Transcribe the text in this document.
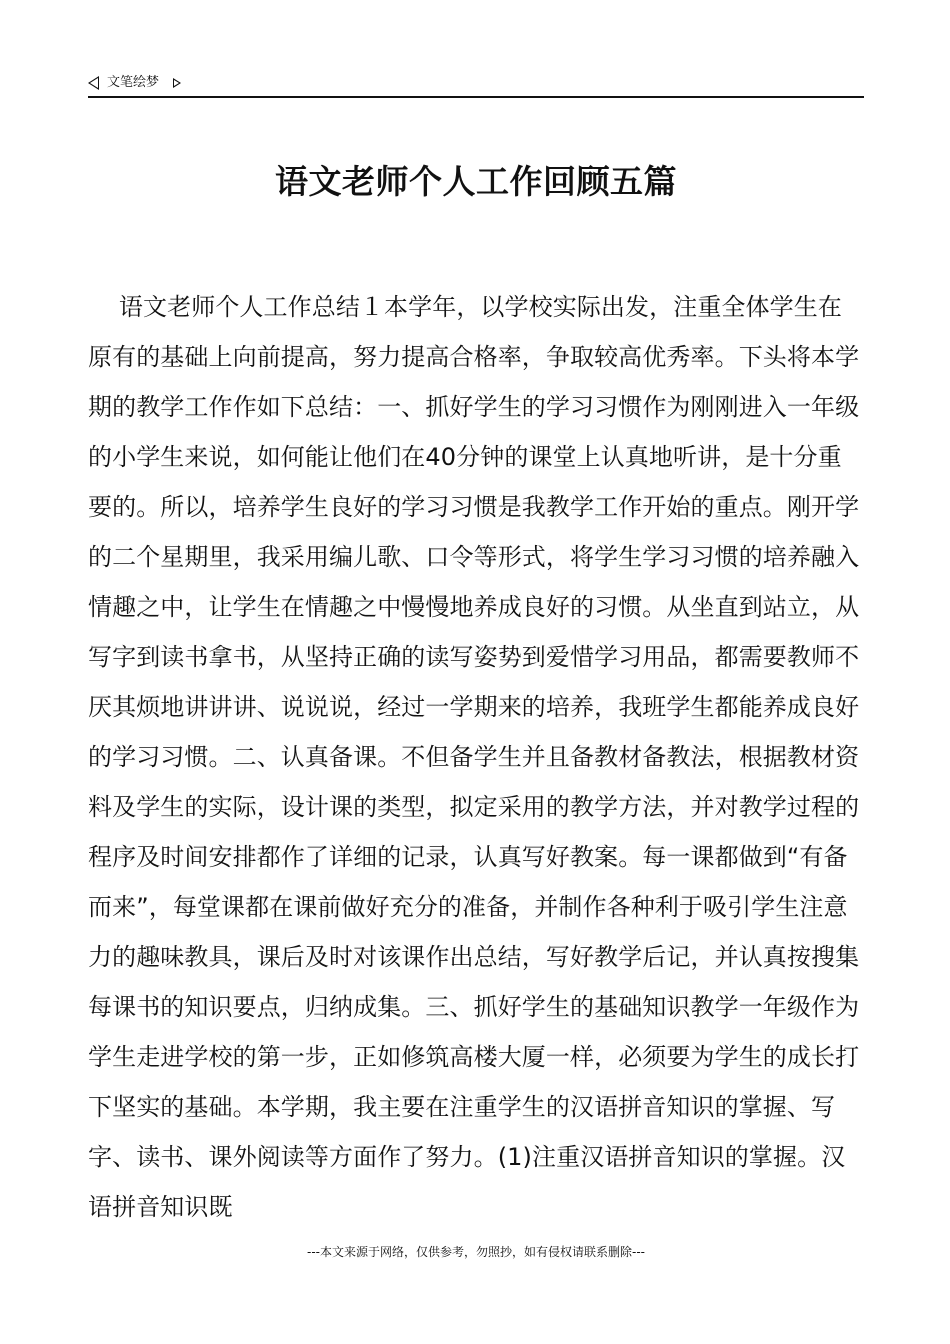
文笔绘梦
语文老师个人工作回顾五篇
语文老师个人工作总结１本学年，以学校实际出发，注重全体学生在原有的基础上向前提高，努力提高合格率，争取较高优秀率。下头将本学期的教学工作作如下总结：一、抓好学生的学习习惯作为刚刚进入一年级的小学生来说，如何能让他们在40分钟的课堂上认真地听讲，是十分重要的。所以，培养学生良好的学习习惯是我教学工作开始的重点。刚开学的二个星期里，我采用编儿歌、口令等形式，将学生学习习惯的培养融入情趣之中，让学生在情趣之中慢慢地养成良好的习惯。从坐直到站立，从写字到读书拿书，从坚持正确的读写姿势到爱惜学习用品，都需要教师不厌其烦地讲讲讲、说说说，经过一学期来的培养，我班学生都能养成良好的学习习惯。二、认真备课。不但备学生并且备教材备教法，根据教材资料及学生的实际，设计课的类型，拟定采用的教学方法，并对教学过程的程序及时间安排都作了详细的记录，认真写好教案。每一课都做到“有备而来”，每堂课都在课前做好充分的准备，并制作各种利于吸引学生注意力的趣味教具，课后及时对该课作出总结，写好教学后记，并认真按搜集每课书的知识要点，归纳成集。三、抓好学生的基础知识教学一年级作为学生走进学校的第一步，正如修筑高楼大厦一样，必须要为学生的成长打下坚实的基础。本学期，我主要在注重学生的汉语拼音知识的掌握、写字、读书、课外阅读等方面作了努力。(1)注重汉语拼音知识的掌握。汉语拼音知识既
---本文来源于网络，仅供参考，勿照抄，如有侵权请联系删除---
